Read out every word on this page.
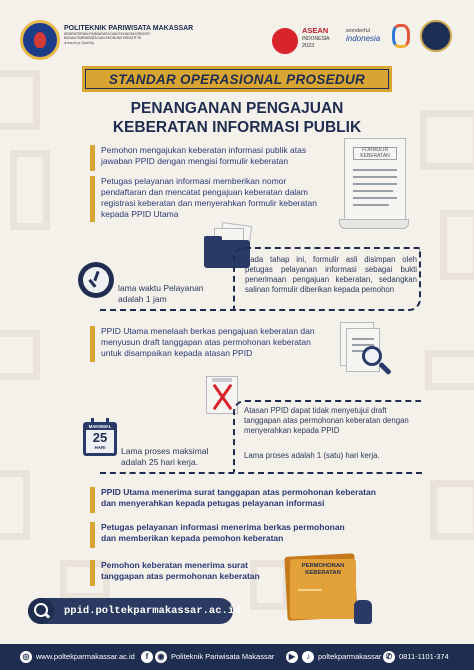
POLITEKNIK PARIWISATA MAKASSAR
KEMENTERIAN PARIWISATA DAN EKONOMI KREATIF/
BADAN PARIWISATA DAN EKONOMI KREATIF RI
Amazing Quality
ASEAN
INDONESIA
2023
wonderful
indonesia
STANDAR OPERASIONAL PROSEDUR
PENANGANAN PENGAJUAN
KEBERATAN INFORMASI PUBLIK
Pemohon mengajukan keberatan informasi publik atas jawaban PPID dengan mengisi formulir keberatan
FORMULIR
KEBERATAN
Petugas pelayanan informasi memberikan nomor pendaftaran dan mencatat pengajuan keberatan dalam registrasi keberatan dan menyerahkan formulir keberatan kepada PPID Utama
Pada tahap ini, formulir asli disimpan oleh petugas pelayanan informasi sebagai bukti penerimaan pengajuan keberatan, sedangkan salinan formulir diberikan kepada pemohon
lama waktu Pelayanan adalah 1 jam
PPID Utama menelaah berkas pengajuan keberatan dan menyusun draft tanggapan atas permohonan keberatan untuk disampaikan kepada atasan PPID
Atasan PPID dapat tidak menyetujui draft tanggapan atas permohonan keberatan dengan menyerahkan kepada PPID
Lama proses adalah 1 (satu) hari kerja.
MAKSIMAL
25
HARI	Lama proses maksimal adalah 25 hari kerja.
PPID Utama menerima surat tanggapan atas permohonan keberatan dan menyerahkan kepada petugas pelayanan informasi
Petugas pelayanan informasi menerima berkas permohonan dan memberikan kepada pemohon keberatan
Pemohon keberatan menerima surat tanggapan atas permohonan keberatan
PERMOHONAN
KEBERATAN
ppid.poltekparmakassar.ac.id
◎ www.poltekparmakassar.ac.id	f	◉ Politeknik Pariwisata Makassar	▶	♪	poltekparmakassar ✆ 0811-1101-374
